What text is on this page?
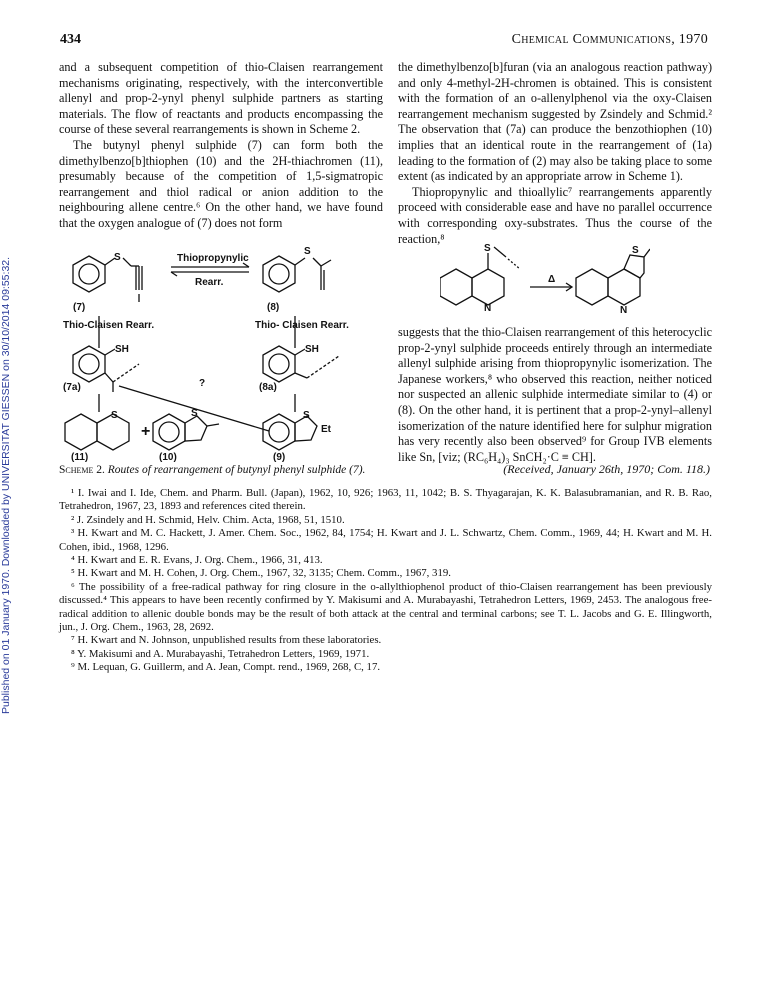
434	Chemical Communications, 1970
Published on 01 January 1970. Downloaded by UNIVERSITAT GIESSEN on 30/10/2014 09:55:32.

and a subsequent competition of thio-Claisen rearrangement mechanisms originating, respectively, with the interconvertible allenyl and prop-2-ynyl phenyl sulphide partners as starting materials. The flow of reactants and products encompassing the course of these several rearrangements is shown in Scheme 2.

The butynyl phenyl sulphide (7) can form both the dimethylbenzo[b]thiophen (10) and the 2H-thiachromen (11), presumably because of the competition of 1,5-sigmatropic rearrangement and thiol radical or anion addition to the neighbouring allene centre.⁶ On the other hand, we have found that the oxygen analogue of (7) does not form

the dimethylbenzo[b]furan (via an analogous reaction pathway) and only 4-methyl-2H-chromen is obtained. This is consistent with the formation of an o-allenylphenol via the oxy-Claisen rearrangement mechanism suggested by Zsindely and Schmid.² The observation that (7a) can produce the benzothiophen (10) implies that an identical route in the rearrangement of (1a) leading to the formation of (2) may also be taking place to some extent (as indicated by an appropriate arrow in Scheme 1).

Thiopropynylic and thioallylic⁷ rearrangements apparently proceed with considerable ease and have no parallel occurrence with corresponding oxy-substrates. Thus the course of the reaction,⁸

S
(7)
Thiopropynylic
Rearr.
S
(8)
Thio-Claisen Rearr.	Thio- Claisen Rearr.
SH
(7a)
SH
(8a)
?
S
(11)
+
S
(10)
S
Et
(9)
Scheme 2. Routes of rearrangement of butynyl phenyl sulphide (7).
S
N
Δ
S
N

suggests that the thio-Claisen rearrangement of this heterocyclic prop-2-ynyl sulphide proceeds entirely through an intermediate allenyl sulphide arising from thiopropynylic isomerization. The Japanese workers,⁸ who observed this reaction, neither noticed nor suspected an allenic sulphide intermediate similar to (4) or (8). On the other hand, it is pertinent that a prop-2-ynyl–allenyl isomerization of the nature identified here for sulphur migration has very recently also been observed⁹ for Group IVB elements like Sn, [viz; (RC₆H₄)₃ SnCH₂·C ≡ CH].

(Received, January 26th, 1970; Com. 118.)

¹ I. Iwai and I. Ide, Chem. and Pharm. Bull. (Japan), 1962, 10, 926; 1963, 11, 1042; B. S. Thyagarajan, K. K. Balasubramanian, and R. B. Rao, Tetrahedron, 1967, 23, 1893 and references cited therein.

² J. Zsindely and H. Schmid, Helv. Chim. Acta, 1968, 51, 1510.

³ H. Kwart and M. C. Hackett, J. Amer. Chem. Soc., 1962, 84, 1754; H. Kwart and J. L. Schwartz, Chem. Comm., 1969, 44; H. Kwart and M. H. Cohen, ibid., 1968, 1296.

⁴ H. Kwart and E. R. Evans, J. Org. Chem., 1966, 31, 413.

⁵ H. Kwart and M. H. Cohen, J. Org. Chem., 1967, 32, 3135; Chem. Comm., 1967, 319.

⁶ The possibility of a free-radical pathway for ring closure in the o-allylthiophenol product of thio-Claisen rearrangement has been previously discussed.⁴ This appears to have been recently confirmed by Y. Makisumi and A. Murabayashi, Tetrahedron Letters, 1969, 2453. The analogous free-radical addition to allenic double bonds may be the result of both attack at the central and terminal carbons; see T. L. Jacobs and G. E. Illingworth, jun., J. Org. Chem., 1963, 28, 2692.

⁷ H. Kwart and N. Johnson, unpublished results from these laboratories.

⁸ Y. Makisumi and A. Murabayashi, Tetrahedron Letters, 1969, 1971.

⁹ M. Lequan, G. Guillerm, and A. Jean, Compt. rend., 1969, 268, C, 17.
